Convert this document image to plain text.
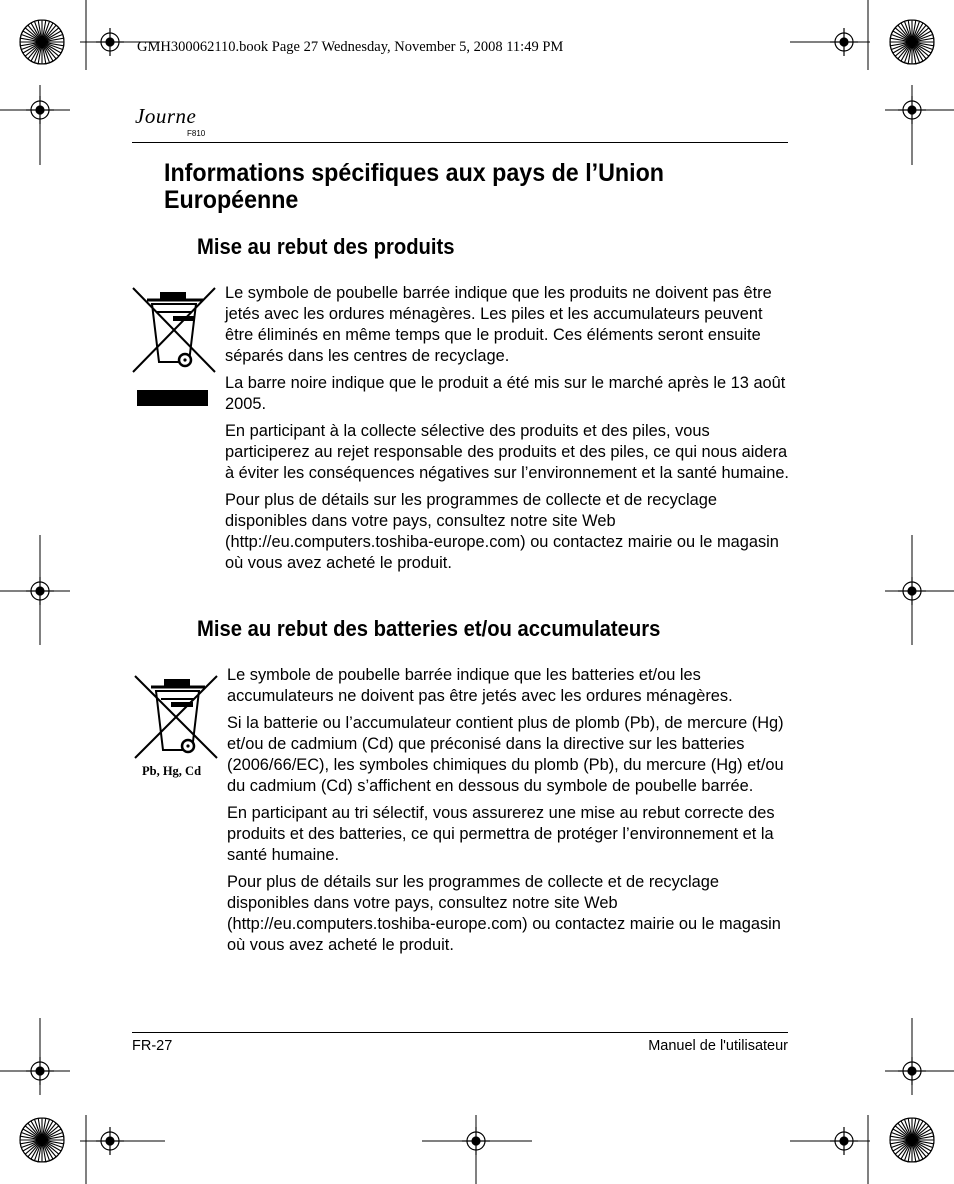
GMH300062110.book Page 27 Wednesday, November 5, 2008 11:49 PM
Journe
F810
Informations spécifiques aux pays de l’Union Européenne
Mise au rebut des produits

Le symbole de poubelle barrée indique que les produits ne doivent pas être jetés avec les ordures ménagères. Les piles et les accumulateurs peuvent être éliminés en même temps que le produit. Ces éléments seront ensuite séparés dans les centres de recyclage.

La barre noire indique que le produit a été mis sur le marché après le 13 août 2005.

En participant à la collecte sélective des produits et des piles, vous participerez au rejet responsable des produits et des piles, ce qui nous aidera à éviter les conséquences négatives sur l’environnement et la santé humaine.

Pour plus de détails sur les programmes de collecte et de recyclage disponibles dans votre pays, consultez notre site Web (http://eu.computers.toshiba-europe.com) ou contactez mairie ou le magasin où vous avez acheté le produit.

Mise au rebut des batteries et/ou accumulateurs
Pb, Hg, Cd

Le symbole de poubelle barrée indique que les batteries et/ou les accumulateurs ne doivent pas être jetés avec les ordures ménagères.

Si la batterie ou l’accumulateur contient plus de plomb (Pb), de mercure (Hg) et/ou de cadmium (Cd) que préconisé dans la directive sur les batteries (2006/66/EC), les symboles chimiques du plomb (Pb), du mercure (Hg) et/ou du cadmium (Cd) s’affichent en dessous du symbole de poubelle barrée.

En participant au tri sélectif, vous assurerez une mise au rebut correcte des produits et des batteries, ce qui permettra de protéger l’environnement et la santé humaine.

Pour plus de détails sur les programmes de collecte et de recyclage disponibles dans votre pays, consultez notre site Web (http://eu.computers.toshiba-europe.com) ou contactez mairie ou le magasin où vous avez acheté le produit.

FR-27	Manuel de l'utilisateur
